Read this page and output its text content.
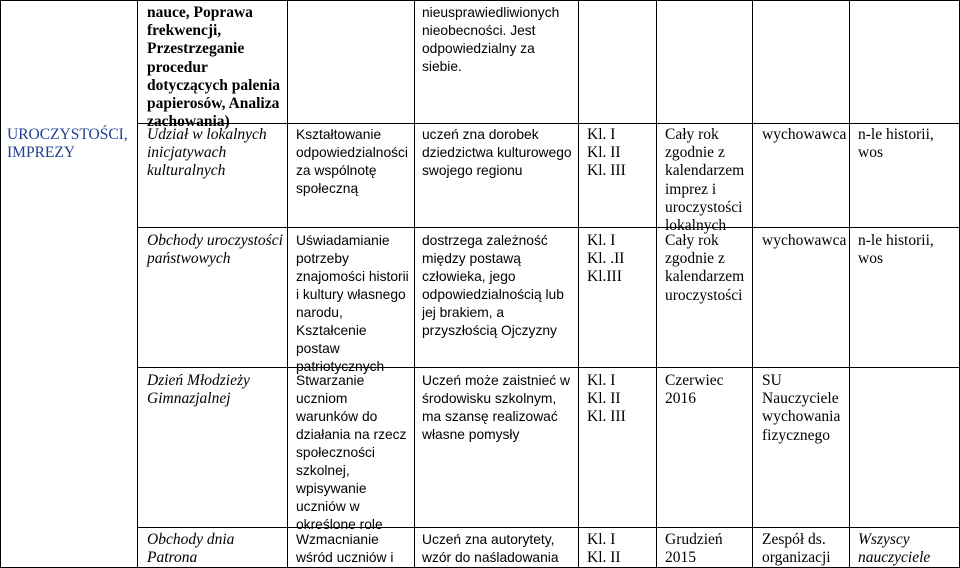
UROCZYSTOŚCI, IMPREZY
nauce, Poprawa frekwencji, Przestrzeganie procedur dotyczących palenia papierosów, Analiza zachowania)
nieusprawiedliwionych nieobecności. Jest odpowiedzialny za siebie.
Udział w lokalnych inicjatywach kulturalnych
Kształtowanie odpowiedzialności za wspólnotę społeczną
uczeń zna dorobek dziedzictwa kulturowego swojego regionu
Kl. I
Kl. II
Kl. III
Cały rok zgodnie z kalendarzem imprez i uroczystości lokalnych
wychowawca n-le historii, wos
Obchody uroczystości państwowych
Uświadamianie potrzeby znajomości historii i kultury własnego narodu, Kształcenie postaw patriotycznych
dostrzega zależność między postawą człowieka, jego odpowiedzialnością lub jej brakiem, a przyszłością Ojczyzny
Kl. I
Kl. .II
Kl.III
Cały rok zgodnie z kalendarzem uroczystości
wychowawca n-le historii, wos
Dzień Młodzieży Gimnazjalnej
Stwarzanie uczniom warunków do działania na rzecz społeczności szkolnej, wpisywanie uczniów w określone role
Uczeń może zaistnieć w środowisku szkolnym, ma szansę realizować własne pomysły
Kl. I
Kl. II
Kl. III
Czerwiec 2016
SU Nauczyciele wychowania fizycznego
Obchody dnia Patrona
Wzmacnianie wśród uczniów i
Uczeń zna autorytety, wzór do naśladowania
Kl. I
Kl. II
Grudzień 2015
Zespół ds. organizacji
Wszyscy nauczyciele
